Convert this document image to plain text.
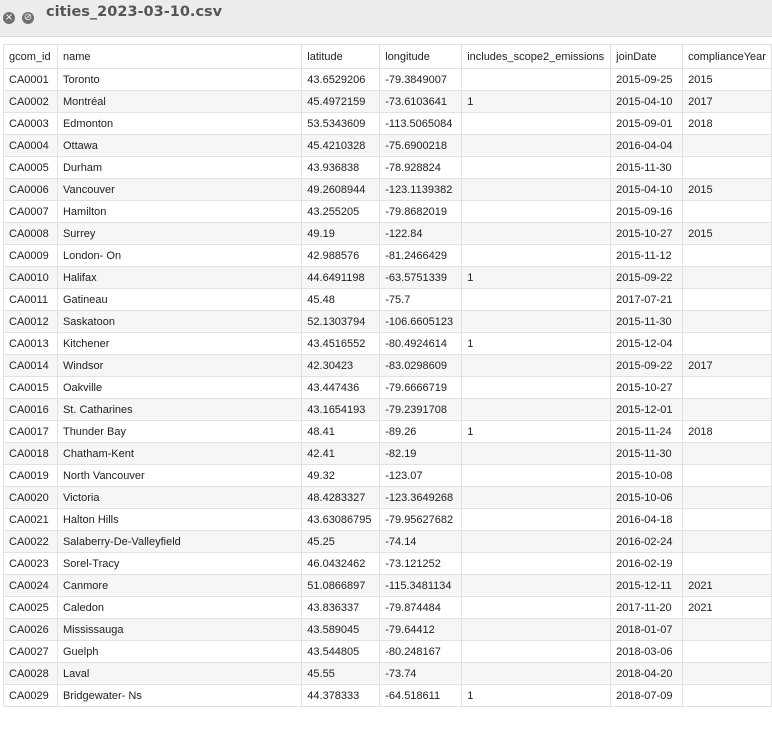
× ⊘ cities_2023-03-10.csv
gcom_id	name	latitude	longitude	includes_scope2_emissions	joinDate	complianceYear
CA0001	Toronto	43.6529206	-79.3849007		2015-09-25	2015
CA0002	Montréal	45.4972159	-73.6103641	1	2015-04-10	2017
CA0003	Edmonton	53.5343609	-113.5065084		2015-09-01	2018
CA0004	Ottawa	45.4210328	-75.6900218		2016-04-04	
CA0005	Durham	43.936838	-78.928824		2015-11-30	
CA0006	Vancouver	49.2608944	-123.1139382		2015-04-10	2015
CA0007	Hamilton	43.255205	-79.8682019		2015-09-16	
CA0008	Surrey	49.19	-122.84		2015-10-27	2015
CA0009	London- On	42.988576	-81.2466429		2015-11-12	
CA0010	Halifax	44.6491198	-63.5751339	1	2015-09-22	
CA0011	Gatineau	45.48	-75.7		2017-07-21	
CA0012	Saskatoon	52.1303794	-106.6605123		2015-11-30	
CA0013	Kitchener	43.4516552	-80.4924614	1	2015-12-04	
CA0014	Windsor	42.30423	-83.0298609		2015-09-22	2017
CA0015	Oakville	43.447436	-79.6666719		2015-10-27	
CA0016	St. Catharines	43.1654193	-79.2391708		2015-12-01	
CA0017	Thunder Bay	48.41	-89.26	1	2015-11-24	2018
CA0018	Chatham-Kent	42.41	-82.19		2015-11-30	
CA0019	North Vancouver	49.32	-123.07		2015-10-08	
CA0020	Victoria	48.4283327	-123.3649268		2015-10-06	
CA0021	Halton Hills	43.63086795	-79.95627682		2016-04-18	
CA0022	Salaberry-De-Valleyfield	45.25	-74.14		2016-02-24	
CA0023	Sorel-Tracy	46.0432462	-73.121252		2016-02-19	
CA0024	Canmore	51.0866897	-115.3481134		2015-12-11	2021
CA0025	Caledon	43.836337	-79.874484		2017-11-20	2021
CA0026	Mississauga	43.589045	-79.64412		2018-01-07	
CA0027	Guelph	43.544805	-80.248167		2018-03-06	
CA0028	Laval	45.55	-73.74		2018-04-20	
CA0029	Bridgewater- Ns	44.378333	-64.518611	1	2018-07-09	
